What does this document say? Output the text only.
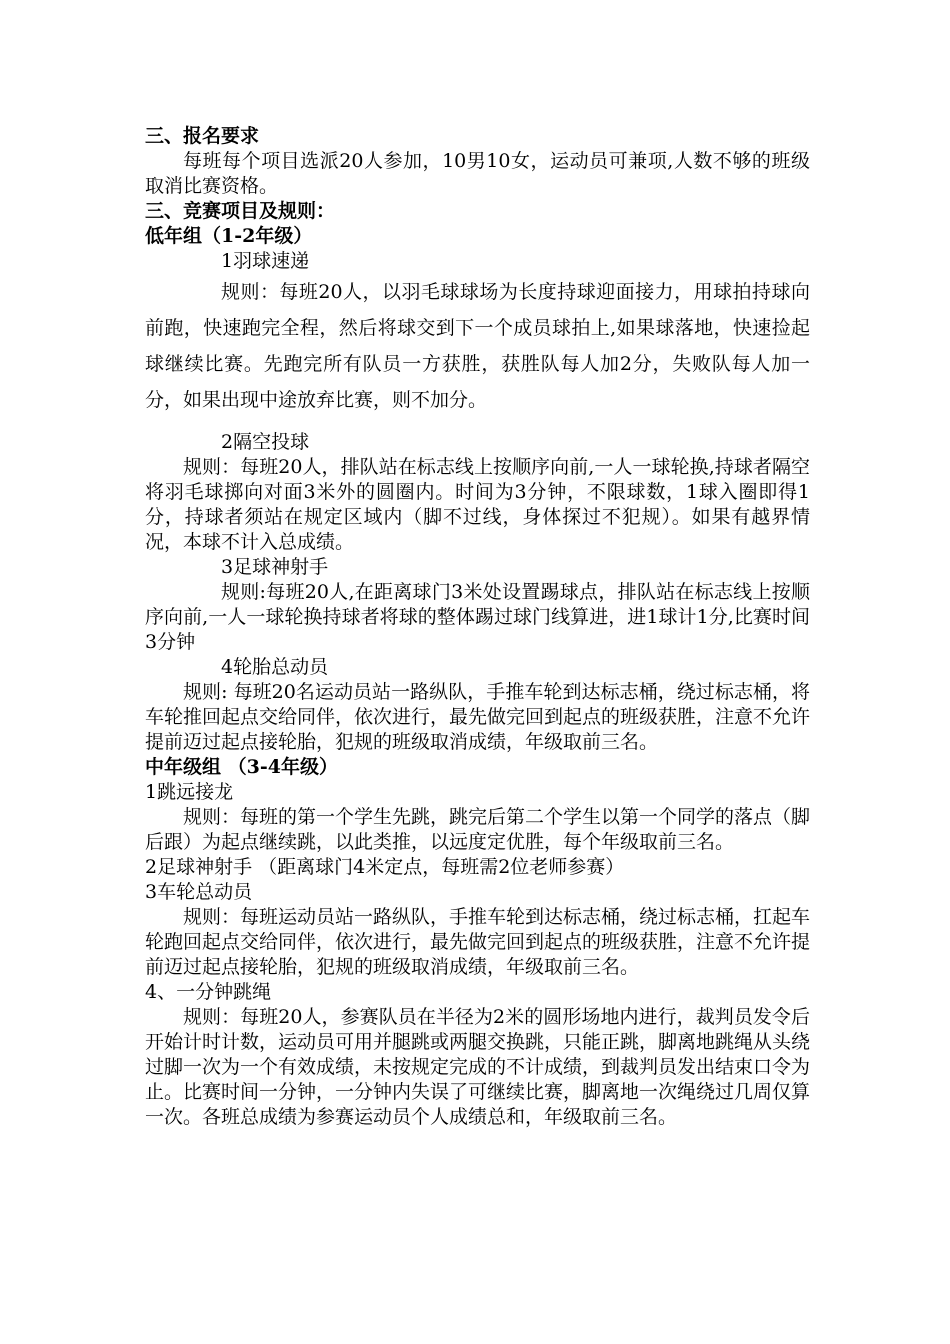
三、报名要求

每班每个项目选派20人参加，10男10女，运动员可兼项,人数不够的班级取消比赛资格。

三、竞赛项目及规则：

低年组（1-2年级）

1羽球速递

规则：每班20人，以羽毛球球场为长度持球迎面接力，用球拍持球向前跑，快速跑完全程，然后将球交到下一个成员球拍上,如果球落地，快速捡起球继续比赛。先跑完所有队员一方获胜，获胜队每人加2分，失败队每人加一分，如果出现中途放弃比赛，则不加分。

2隔空投球

规则：每班20人，排队站在标志线上按顺序向前,一人一球轮换,持球者隔空将羽毛球掷向对面3米外的圆圈内。时间为3分钟，不限球数，1球入圈即得1分，持球者须站在规定区域内（脚不过线，身体探过不犯规）。如果有越界情况，本球不计入总成绩。

3足球神射手

规则:每班20人,在距离球门3米处设置踢球点，排队站在标志线上按顺序向前,一人一球轮换持球者将球的整体踢过球门线算进，进1球计1分,比赛时间3分钟

4轮胎总动员

规则: 每班20名运动员站一路纵队，手推车轮到达标志桶，绕过标志桶，将车轮推回起点交给同伴，依次进行，最先做完回到起点的班级获胜，注意不允许提前迈过起点接轮胎，犯规的班级取消成绩，年级取前三名。

中年级组 （3-4年级）

1跳远接龙

规则：每班的第一个学生先跳，跳完后第二个学生以第一个同学的落点（脚后跟）为起点继续跳，以此类推，以远度定优胜，每个年级取前三名。

2足球神射手 （距离球门4米定点，每班需2位老师参赛）

3车轮总动员

规则：每班运动员站一路纵队，手推车轮到达标志桶，绕过标志桶，扛起车轮跑回起点交给同伴，依次进行，最先做完回到起点的班级获胜，注意不允许提前迈过起点接轮胎，犯规的班级取消成绩，年级取前三名。

4、一分钟跳绳

规则：每班20人，参赛队员在半径为2米的圆形场地内进行，裁判员发令后开始计时计数，运动员可用并腿跳或两腿交换跳，只能正跳，脚离地跳绳从头绕过脚一次为一个有效成绩，未按规定完成的不计成绩，到裁判员发出结束口令为止。比赛时间一分钟，一分钟内失误了可继续比赛，脚离地一次绳绕过几周仅算一次。各班总成绩为参赛运动员个人成绩总和，年级取前三名。
